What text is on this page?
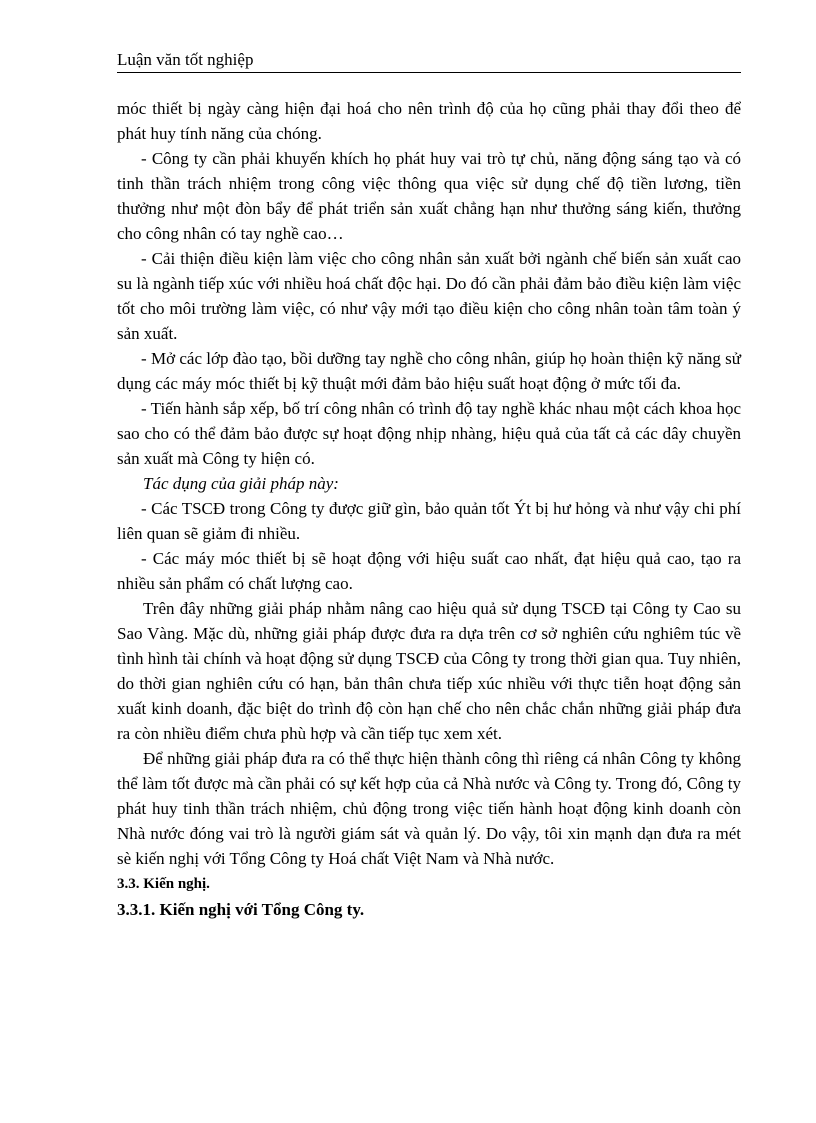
Luận văn tốt nghiệp

móc thiết bị ngày càng hiện đại hoá cho nên trình độ của họ cũng phải thay đổi theo để phát huy tính năng của chóng.

- Công ty cần phải khuyến khích họ phát huy vai trò tự chủ, năng động sáng tạo và có tinh thần trách nhiệm trong công việc thông qua việc sử dụng chế độ tiền lương, tiền thưởng như một đòn bẩy để phát triển sản xuất chẳng hạn như thưởng sáng kiến, thưởng cho công nhân có tay nghề cao…

- Cải thiện điều kiện làm việc cho công nhân sản xuất bởi ngành chế biến sản xuất cao su là ngành tiếp xúc với nhiều hoá chất độc hại. Do đó cần phải đảm bảo điều kiện làm việc tốt cho môi trường làm việc, có như vậy mới tạo điều kiện cho công nhân toàn tâm toàn ý sản xuất.

- Mở các lớp đào tạo, bồi dưỡng tay nghề cho công nhân, giúp họ hoàn thiện kỹ năng sử dụng các máy móc thiết bị kỹ thuật mới đảm bảo hiệu suất hoạt động ở mức tối đa.

- Tiến hành sắp xếp, bố trí công nhân có trình độ tay nghề khác nhau một cách khoa học sao cho có thể đảm bảo được sự hoạt động nhịp nhàng, hiệu quả của tất cả các dây chuyền sản xuất mà Công ty hiện có.

Tác dụng của giải pháp này:

- Các TSCĐ trong Công ty được giữ gìn, bảo quản tốt Ýt bị hư hỏng và như vậy chi phí liên quan sẽ giảm đi nhiều.

- Các máy móc thiết bị sẽ hoạt động với hiệu suất cao nhất, đạt hiệu quả cao, tạo ra nhiều sản phẩm có chất lượng cao.

Trên đây những giải pháp nhằm nâng cao hiệu quả sử dụng TSCĐ tại Công ty Cao su Sao Vàng. Mặc dù, những giải pháp được đưa ra dựa trên cơ sở nghiên cứu nghiêm túc về tình hình tài chính và hoạt động sử dụng TSCĐ của Công ty trong thời gian qua. Tuy nhiên, do thời gian nghiên cứu có hạn, bản thân chưa tiếp xúc nhiều với thực tiễn hoạt động sản xuất kinh doanh, đặc biệt do trình độ còn hạn chế cho nên chắc chắn những giải pháp đưa ra còn nhiều điểm chưa phù hợp và cần tiếp tục xem xét.

Để những giải pháp đưa ra có thể thực hiện thành công thì riêng cá nhân Công ty không thể làm tốt được mà cần phải có sự kết hợp của cả Nhà nước và Công ty. Trong đó, Công ty phát huy tinh thần trách nhiệm, chủ động trong việc tiến hành hoạt động kinh doanh còn Nhà nước đóng vai trò là người giám sát và quản lý. Do vậy, tôi xin mạnh dạn đưa ra mét sè kiến nghị với Tổng Công ty Hoá chất Việt Nam và Nhà nước.

3.3. Kiến nghị.

3.3.1. Kiến nghị với Tổng Công ty.
